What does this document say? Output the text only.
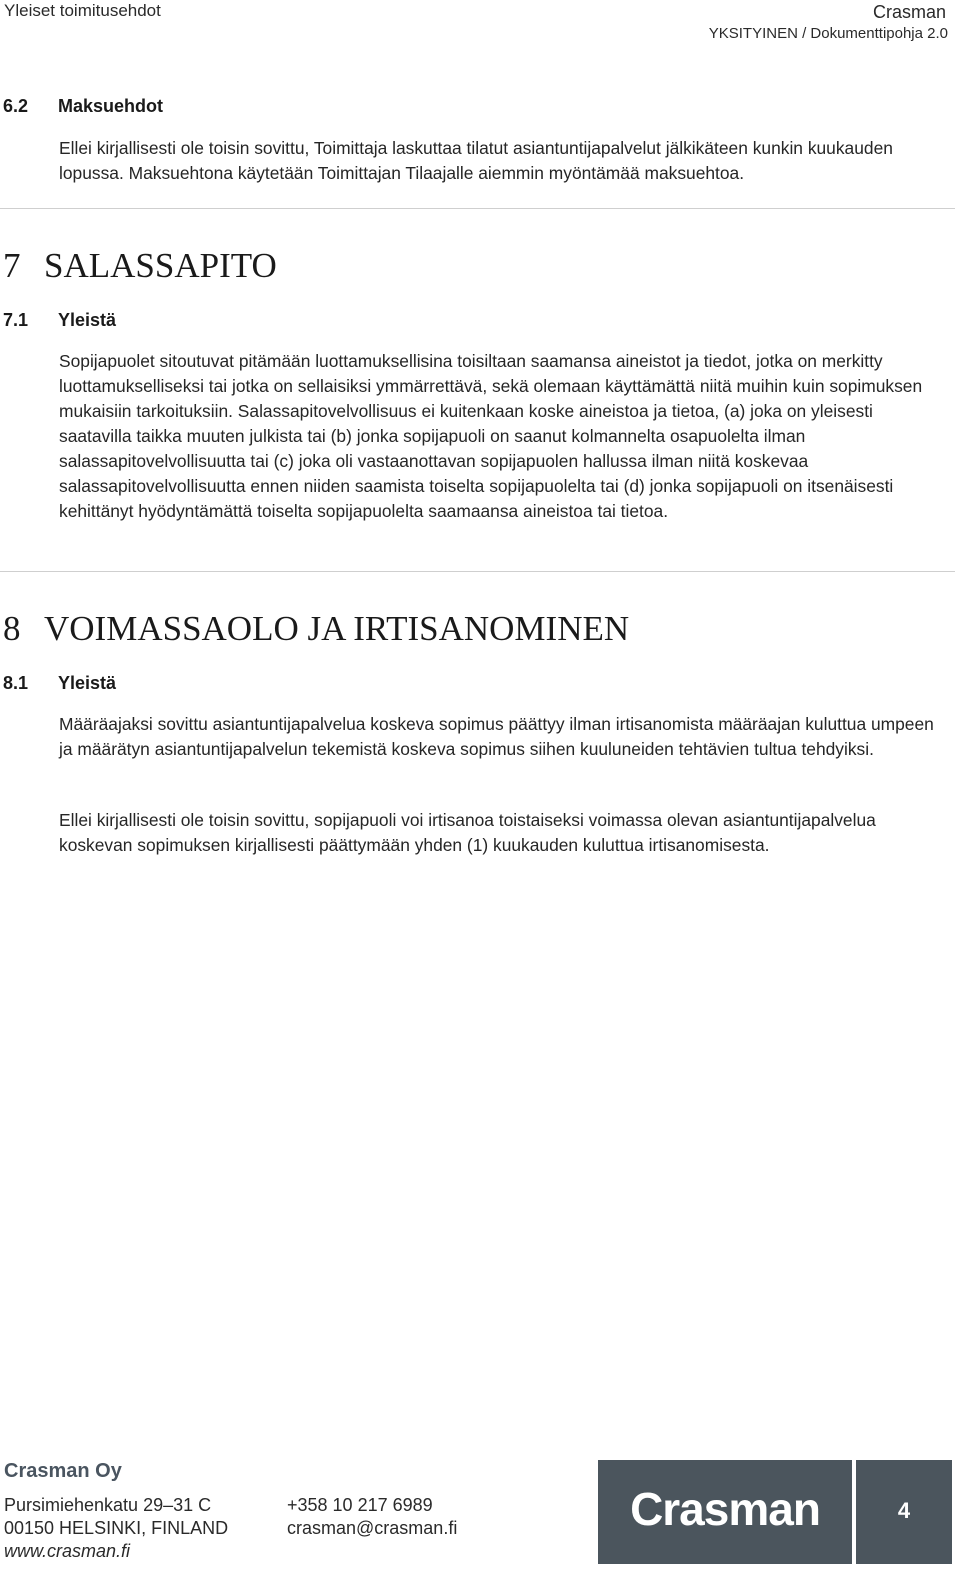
Yleiset toimitusehdot	Crasman
YKSITYINEN / Dokumenttipohja 2.0
6.2 Maksuehdot
Ellei kirjallisesti ole toisin sovittu, Toimittaja laskuttaa tilatut asiantuntijapalvelut jälkikäteen kunkin kuukauden lopussa. Maksuehtona käytetään Toimittajan Tilaajalle aiemmin myöntämää maksuehtoa.
7 SALASSAPITO
7.1 Yleistä
Sopijapuolet sitoutuvat pitämään luottamuksellisina toisiltaan saamansa aineistot ja tiedot, jotka on merkitty luottamukselliseksi tai jotka on sellaisiksi ymmärrettävä, sekä olemaan käyttämättä niitä muihin kuin sopimuksen mukaisiin tarkoituksiin. Salassapitovelvollisuus ei kuitenkaan koske aineistoa ja tietoa, (a) joka on yleisesti saatavilla taikka muuten julkista tai (b) jonka sopijapuoli on saanut kolmannelta osapuolelta ilman salassapitovelvollisuutta tai (c) joka oli vastaanottavan sopijapuolen hallussa ilman niitä koskevaa salassapitovelvollisuutta ennen niiden saamista toiselta sopijapuolelta tai (d) jonka sopijapuoli on itsenäisesti kehittänyt hyödyntämättä toiselta sopijapuolelta saamaansa aineistoa tai tietoa.
8 VOIMASSAOLO JA IRTISANOMINEN
8.1 Yleistä
Määräajaksi sovittu asiantuntijapalvelua koskeva sopimus päättyy ilman irtisanomista määräajan kuluttua umpeen ja määrätyn asiantuntijapalvelun tekemistä koskeva sopimus siihen kuuluneiden tehtävien tultua tehdyiksi.
Ellei kirjallisesti ole toisin sovittu, sopijapuoli voi irtisanoa toistaiseksi voimassa olevan asiantuntijapalvelua koskevan sopimuksen kirjallisesti päättymään yhden (1) kuukauden kuluttua irtisanomisesta.
Crasman Oy
Pursimiehenkatu 29–31 C
00150 HELSINKI, FINLAND
www.crasman.fi
+358 10 217 6989
crasman@crasman.fi	Crasman	4
